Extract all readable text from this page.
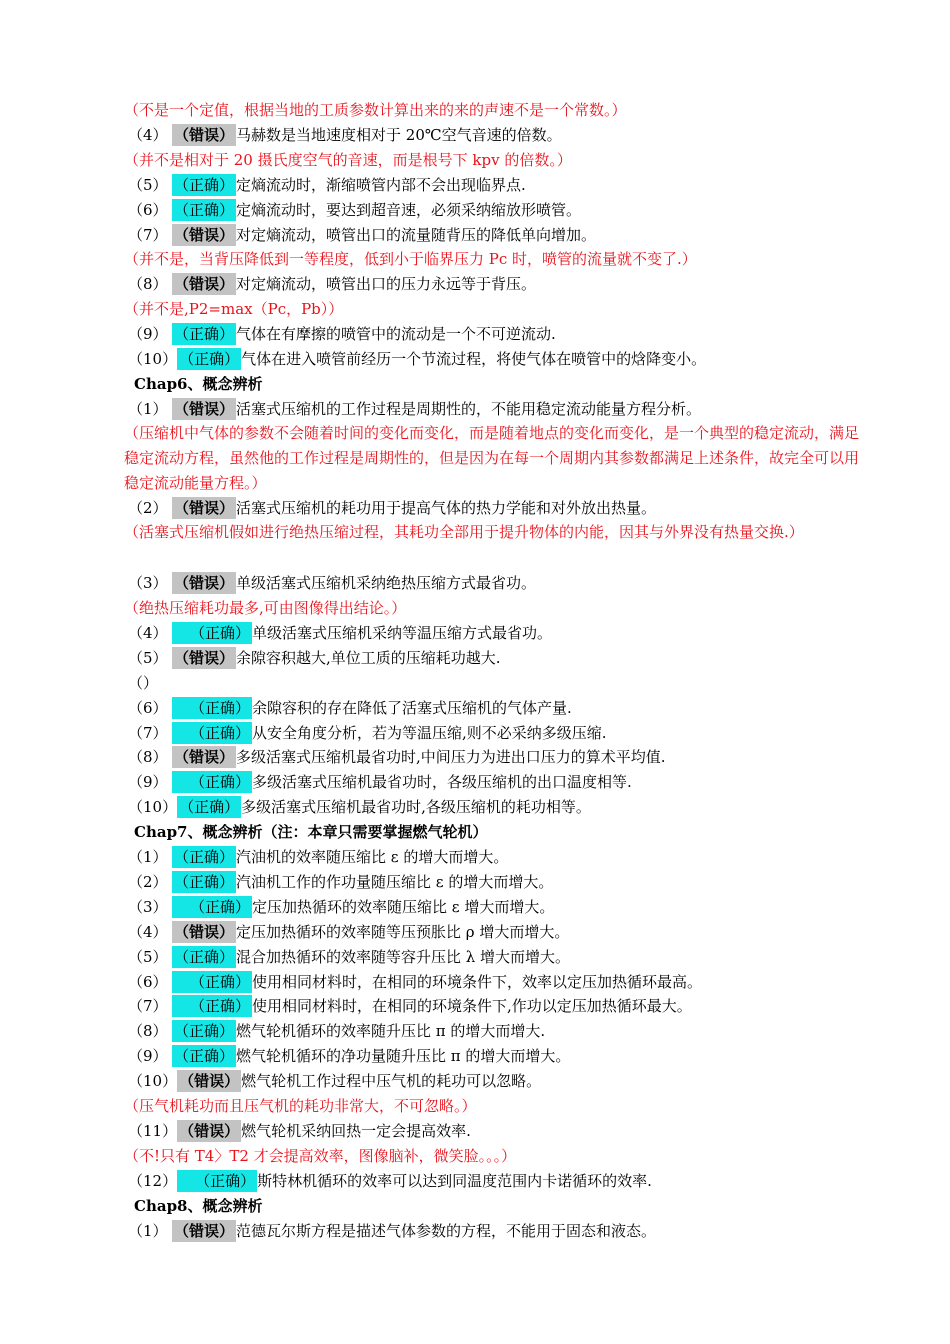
（不是一个定值，根据当地的工质参数计算出来的来的声速不是一个常数。）
（4） （错误） 马赫数是当地速度相对于 20℃空气音速的倍数。
（并不是相对于 20 摄氏度空气的音速，而是根号下 kpv 的倍数。）
（5） （正确） 定熵流动时，渐缩喷管内部不会出现临界点.
（6） （正确） 定熵流动时，要达到超音速，必须采纳缩放形喷管。
（7） （错误） 对定熵流动，喷管出口的流量随背压的降低单向增加。
（并不是，当背压降低到一等程度，低到小于临界压力 Pc 时，喷管的流量就不变了.）
（8） （错误） 对定熵流动，喷管出口的压力永远等于背压。
（并不是,P2=max（Pc，Pb））
（9） （正确） 气体在有摩擦的喷管中的流动是一个不可逆流动.
（10） （正确） 气体在进入喷管前经历一个节流过程，将使气体在喷管中的焓降变小。
Chap6、概念辨析
（1） （错误） 活塞式压缩机的工作过程是周期性的，不能用稳定流动能量方程分析。
（压缩机中气体的参数不会随着时间的变化而变化，而是随着地点的变化而变化，是一个典型的稳定流动，满足稳定流动方程，虽然他的工作过程是周期性的，但是因为在每一个周期内其参数都满足上述条件，故完全可以用稳定流动能量方程。）
（2） （错误） 活塞式压缩机的耗功用于提高气体的热力学能和对外放出热量。
（活塞式压缩机假如进行绝热压缩过程，其耗功全部用于提升物体的内能，因其与外界没有热量交换.）
（3） （错误） 单级活塞式压缩机采纳绝热压缩方式最省功。
（绝热压缩耗功最多,可由图像得出结论。）
（4） （正确） 单级活塞式压缩机采纳等温压缩方式最省功。
（5） （错误） 余隙容积越大,单位工质的压缩耗功越大.
（）
（6） （正确） 余隙容积的存在降低了活塞式压缩机的气体产量.
（7） （正确） 从安全角度分析，若为等温压缩,则不必采纳多级压缩.
（8） （错误） 多级活塞式压缩机最省功时,中间压力为进出口压力的算术平均值.
（9） （正确） 多级活塞式压缩机最省功时，各级压缩机的出口温度相等.
（10） （正确） 多级活塞式压缩机最省功时,各级压缩机的耗功相等。
Chap7、概念辨析（注：本章只需要掌握燃气轮机）
（1） （正确） 汽油机的效率随压缩比 ε 的增大而增大。
（2） （正确） 汽油机工作的作功量随压缩比 ε 的增大而增大。
（3） （正确） 定压加热循环的效率随压缩比 ε 增大而增大。
（4） （错误） 定压加热循环的效率随等压预胀比 ρ 增大而增大。
（5） （正确） 混合加热循环的效率随等容升压比 λ 增大而增大。
（6） （正确） 使用相同材料时，在相同的环境条件下，效率以定压加热循环最高。
（7） （正确） 使用相同材料时，在相同的环境条件下,作功以定压加热循环最大。
（8） （正确） 燃气轮机循环的效率随升压比 π 的增大而增大.
（9） （正确） 燃气轮机循环的净功量随升压比 π 的增大而增大。
（10） （错误） 燃气轮机工作过程中压气机的耗功可以忽略。
（压气机耗功而且压气机的耗功非常大，不可忽略。）
（11） （错误） 燃气轮机采纳回热一定会提高效率.
（不!只有 T4〉T2 才会提高效率，图像脑补，微笑脸。。。）
（12） （正确） 斯特林机循环的效率可以达到同温度范围内卡诺循环的效率.
Chap8、概念辨析
（1） （错误） 范德瓦尔斯方程是描述气体参数的方程，不能用于固态和液态。
